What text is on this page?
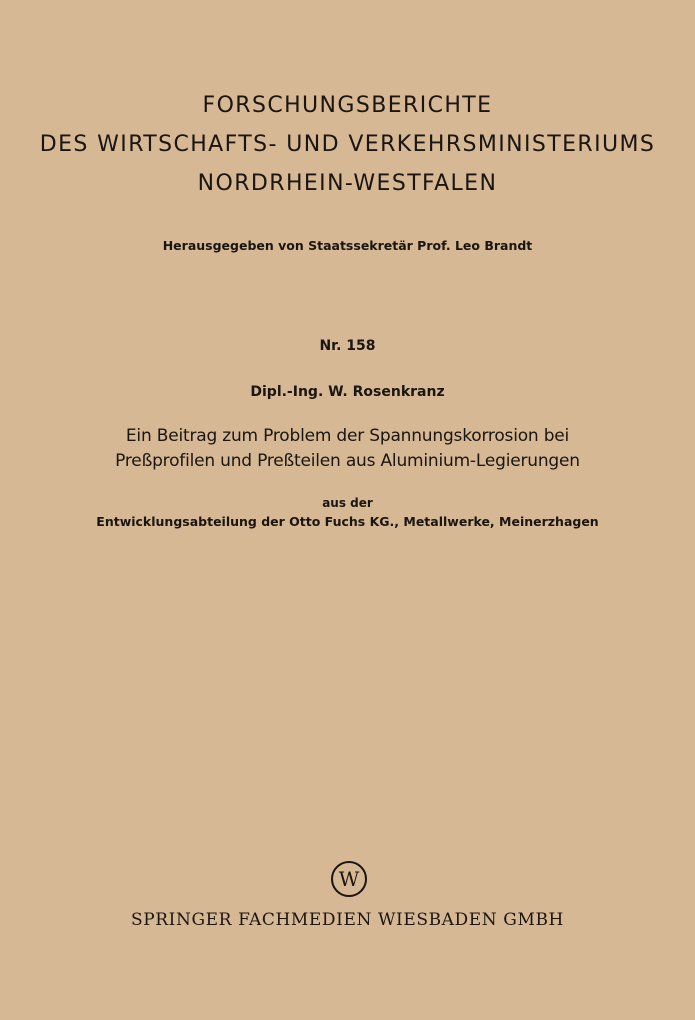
FORSCHUNGSBERICHTE
DES WIRTSCHAFTS- UND VERKEHRSMINISTERIUMS
NORDRHEIN-WESTFALEN
Herausgegeben von Staatssekretär Prof. Leo Brandt
Nr. 158
Dipl.-Ing. W. Rosenkranz
Ein Beitrag zum Problem der Spannungskorrosion bei
Preßprofilen und Preßteilen aus Aluminium-Legierungen
aus der
Entwicklungsabteilung der Otto Fuchs KG., Metallwerke, Meinerzhagen
W
SPRINGER FACHMEDIEN WIESBADEN GMBH
